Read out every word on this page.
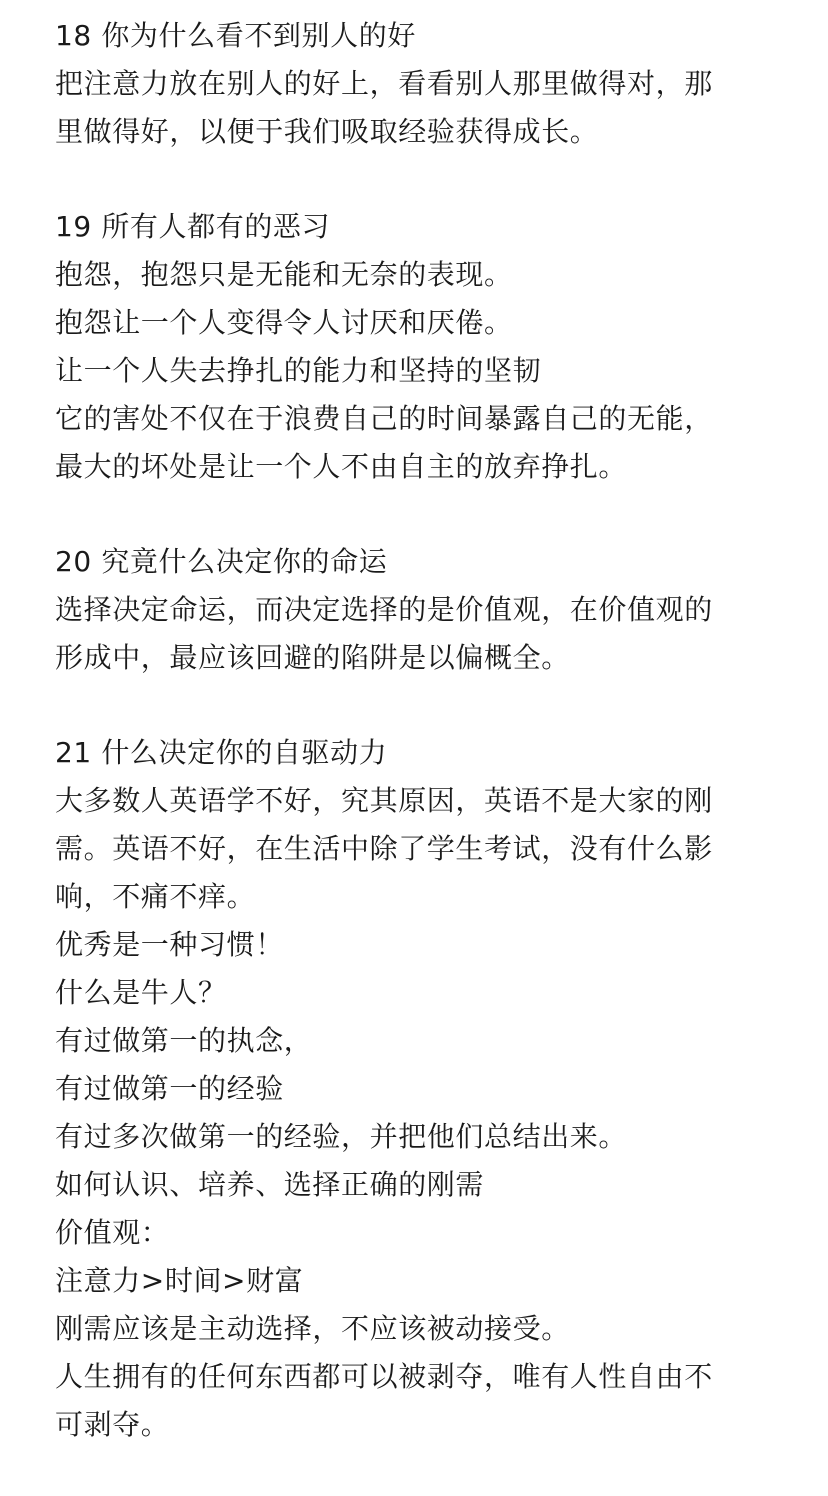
18 你为什么看不到别人的好
把注意力放在别人的好上，看看别人那里做得对，那
里做得好，以便于我们吸取经验获得成长。
19 所有人都有的恶习
抱怨，抱怨只是无能和无奈的表现。
抱怨让一个人变得令人讨厌和厌倦。
让一个人失去挣扎的能力和坚持的坚韧
它的害处不仅在于浪费自己的时间暴露自己的无能，
最大的坏处是让一个人不由自主的放弃挣扎。
20 究竟什么决定你的命运
选择决定命运，而决定选择的是价值观，在价值观的
形成中，最应该回避的陷阱是以偏概全。
21 什么决定你的自驱动力
大多数人英语学不好，究其原因，英语不是大家的刚
需。英语不好，在生活中除了学生考试，没有什么影
响，不痛不痒。
优秀是一种习惯！
什么是牛人？
有过做第一的执念，
有过做第一的经验
有过多次做第一的经验，并把他们总结出来。
如何认识、培养、选择正确的刚需
价值观：
注意力>时间>财富
刚需应该是主动选择，不应该被动接受。
人生拥有的任何东西都可以被剥夺，唯有人性自由不
可剥夺。
